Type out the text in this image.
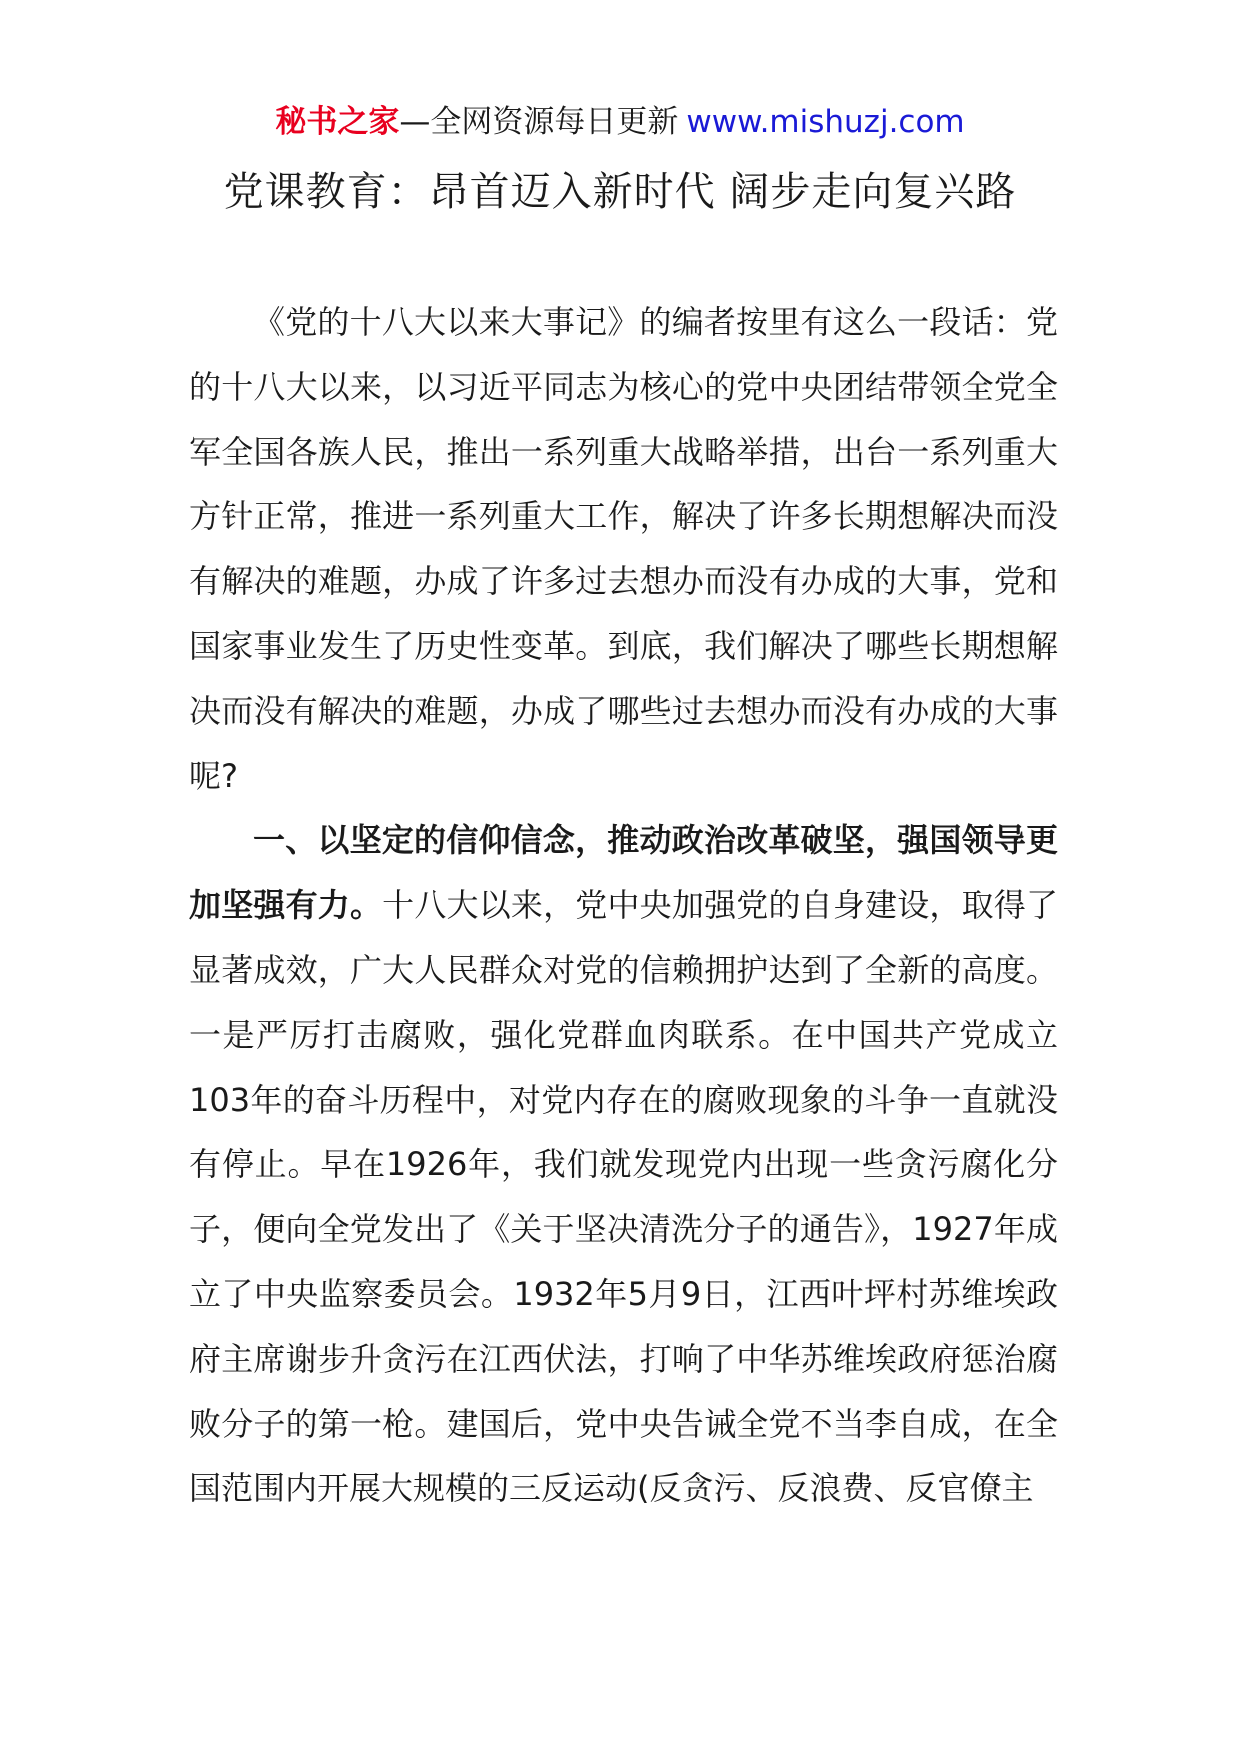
秘书之家—全网资源每日更新 www.mishuzj.com
党课教育：昂首迈入新时代 阔步走向复兴路

《党的十八大以来大事记》的编者按里有这么一段话：党的十八大以来，以习近平同志为核心的党中央团结带领全党全军全国各族人民，推出一系列重大战略举措，出台一系列重大方针正常，推进一系列重大工作，解决了许多长期想解决而没有解决的难题，办成了许多过去想办而没有办成的大事，党和国家事业发生了历史性变革。到底，我们解决了哪些长期想解决而没有解决的难题，办成了哪些过去想办而没有办成的大事呢?

一、以坚定的信仰信念，推动政治改革破坚，强国领导更加坚强有力。十八大以来，党中央加强党的自身建设，取得了显著成效，广大人民群众对党的信赖拥护达到了全新的高度。一是严厉打击腐败，强化党群血肉联系。在中国共产党成立103年的奋斗历程中，对党内存在的腐败现象的斗争一直就没有停止。早在1926年，我们就发现党内出现一些贪污腐化分子，便向全党发出了《关于坚决清洗分子的通告》，1927年成立了中央监察委员会。1932年5月9日，江西叶坪村苏维埃政府主席谢步升贪污在江西伏法，打响了中华苏维埃政府惩治腐败分子的第一枪。建国后，党中央告诫全党不当李自成，在全国范围内开展大规模的三反运动(反贪污、反浪费、反官僚主
